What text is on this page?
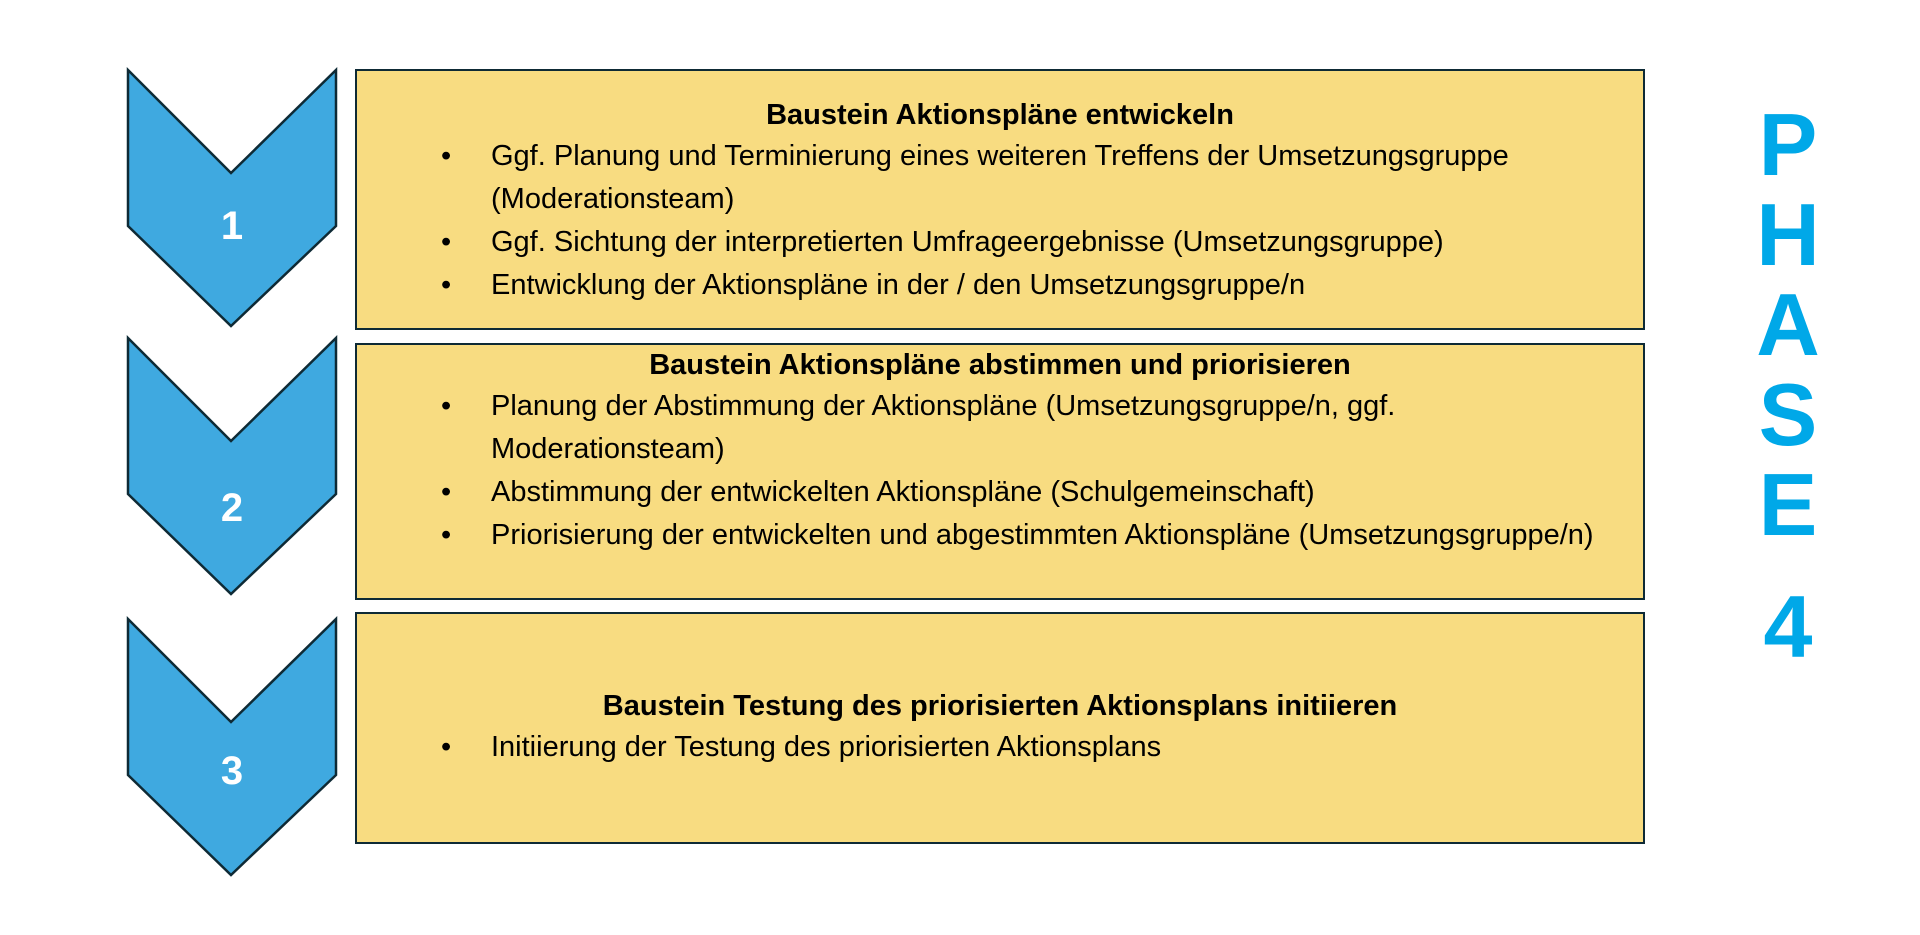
1

Baustein Aktionspläne entwickeln

• Ggf. Planung und Terminierung eines weiteren Treffens der Umsetzungsgruppe (Moderationsteam)
• Ggf. Sichtung der interpretierten Umfrageergebnisse (Umsetzungsgruppe)
• Entwicklung der Aktionspläne in der / den Umsetzungsgruppe/n
2

Baustein Aktionspläne abstimmen und priorisieren

• Planung der Abstimmung der Aktionspläne (Umsetzungsgruppe/n, ggf. Moderationsteam)
• Abstimmung der entwickelten Aktionspläne (Schulgemeinschaft)
• Priorisierung der entwickelten und abgestimmten Aktionspläne (Umsetzungsgruppe/n)
3

Baustein Testung des priorisierten Aktionsplans initiieren

• Initiierung der Testung des priorisierten Aktionsplans
P
H
A
S
E
4
